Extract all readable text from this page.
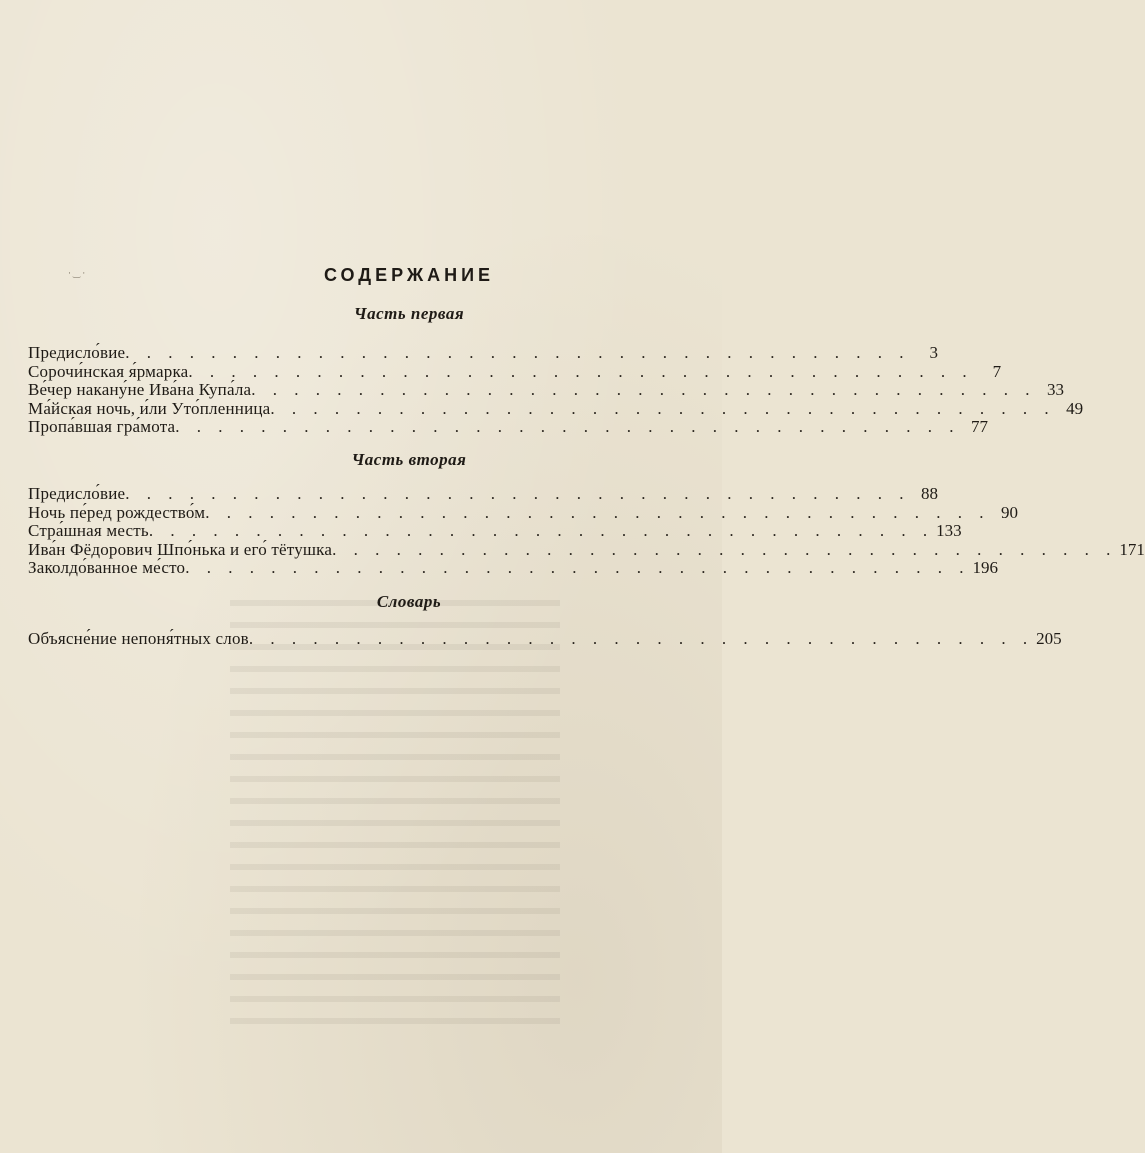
·‿·	СОДЕРЖАНИЕ
Часть первая
Предисло́вие . . . . . . . . . . . . . . . . . . . . . . . . . . . . . . . . . . . . .	3
Сорочи́нская я́рмарка . . . . . . . . . . . . . . . . . . . . . . . . . . . . . . . . . . . . .	7
Ве́чер накану́не Ива́на Купа́ла . . . . . . . . . . . . . . . . . . . . . . . . . . . . . . . . . . . . . 33
Ма́йская ночь, и́ли Уто́пленница . . . . . . . . . . . . . . . . . . . . . . . . . . . . . . . . . . . . . 49
Пропа́вшая гра́мота . . . . . . . . . . . . . . . . . . . . . . . . . . . . . . . . . . . . . 77
Часть вторая
Предисло́вие . . . . . . . . . . . . . . . . . . . . . . . . . . . . . . . . . . . . . 88
Ночь пе́ред рождество́м . . . . . . . . . . . . . . . . . . . . . . . . . . . . . . . . . . . . . 90
Стра́шная месть . . . . . . . . . . . . . . . . . . . . . . . . . . . . . . . . . . . . . 133
Ива́н Фёдорович Шпо́нька и его́ тётушка . . . . . . . . . . . . . . . . . . . . . . . . . . . . . . . . . . . . . 171
Заколдо́ванное ме́сто . . . . . . . . . . . . . . . . . . . . . . . . . . . . . . . . . . . . . 196
Словарь
Объясне́ние непоня́тных слов . . . . . . . . . . . . . . . . . . . . . . . . . . . . . . . . . . . . . 205
